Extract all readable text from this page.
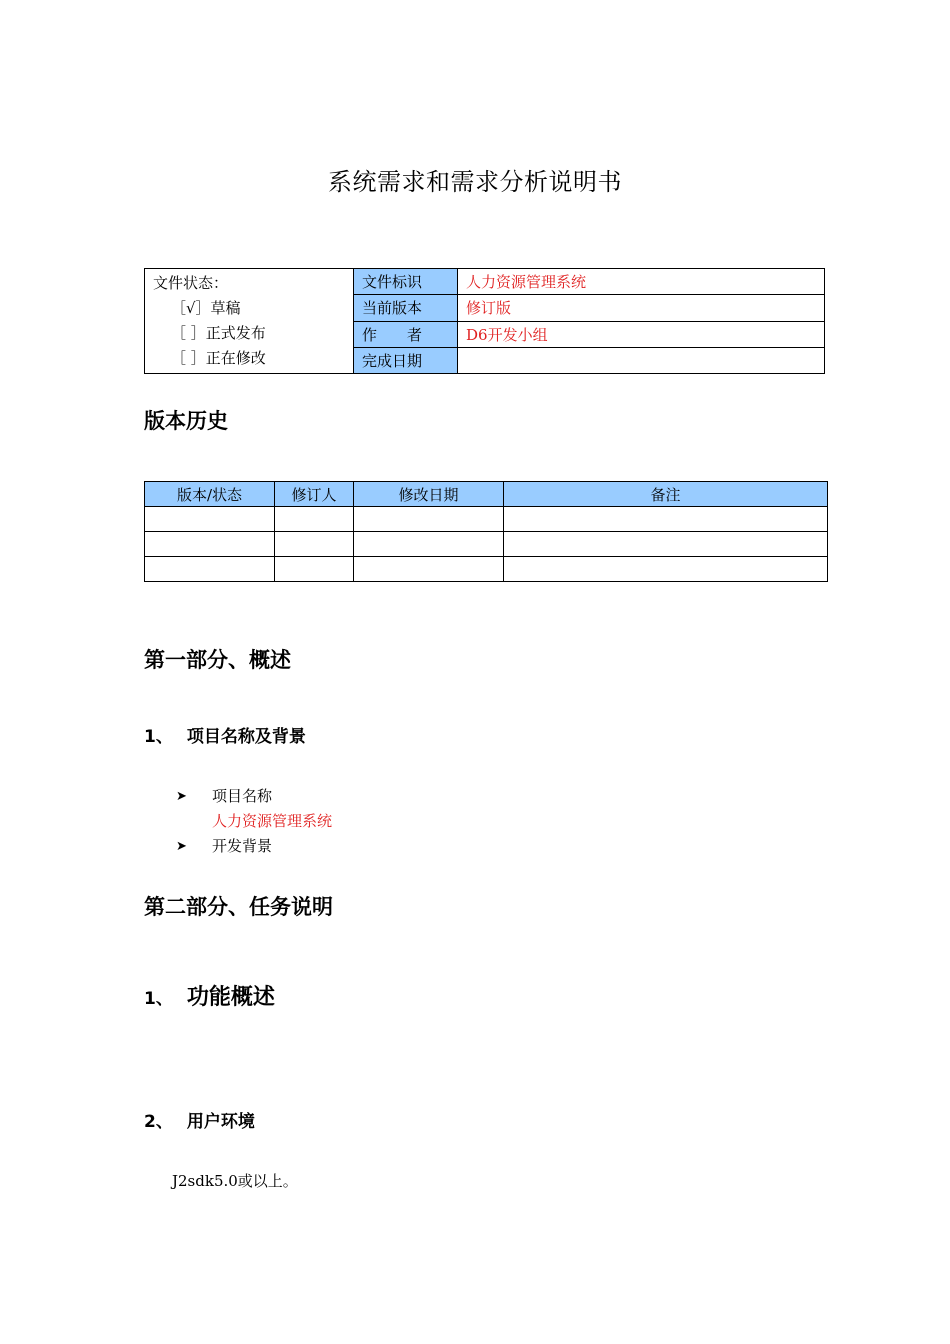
系统需求和需求分析说明书
文件状态：
［√］草稿
［ ］正式发布
［ ］正在修改	文件标识	人力资源管理系统
	当前版本	修订版
	作　　者	D6开发小组
	完成日期	
版本历史
版本/状态	修订人	修改日期	备注

第一部分、概述
1、 项目名称及背景
➤	项目名称
人力资源管理系统
➤	开发背景
第二部分、任务说明
1、 功能概述
2、 用户环境
J2sdk5.0或以上。
